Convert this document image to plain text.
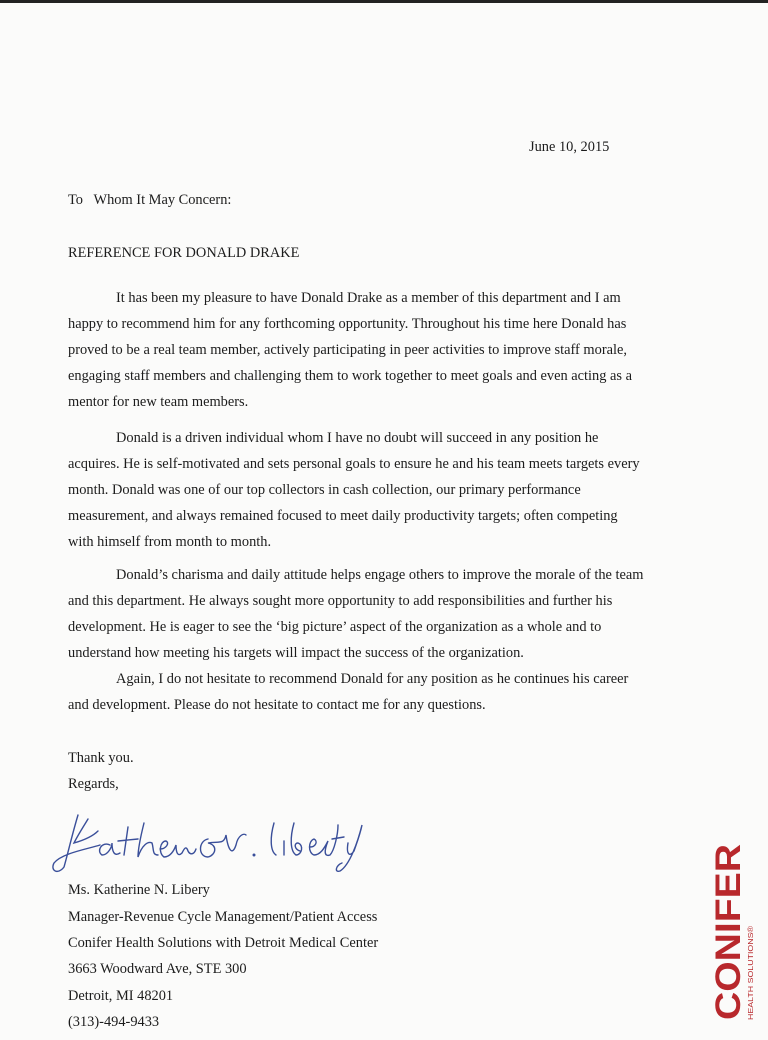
June 10, 2015
To   Whom It May Concern:
REFERENCE FOR DONALD DRAKE
It has been my pleasure to have Donald Drake as a member of this department and I am
happy to recommend him for any forthcoming opportunity. Throughout his time here Donald has
proved to be a real team member, actively participating in peer activities to improve staff morale,
engaging staff members and challenging them to work together to meet goals and even acting as a
mentor for new team members.
Donald is a driven individual whom I have no doubt will succeed in any position he
acquires. He is self-motivated and sets personal goals to ensure he and his team meets targets every
month. Donald was one of our top collectors in cash collection, our primary performance
measurement, and always remained focused to meet daily productivity targets; often competing
with himself from month to month.
Donald’s charisma and daily attitude helps engage others to improve the morale of the team
and this department. He always sought more opportunity to add responsibilities and further his
development. He is eager to see the ‘big picture’ aspect of the organization as a whole and to
understand how meeting his targets will impact the success of the organization.
Again, I do not hesitate to recommend Donald for any position as he continues his career
and development. Please do not hesitate to contact me for any questions.
Thank you.
Regards,
Ms. Katherine N. Libery
Manager-Revenue Cycle Management/Patient Access
Conifer Health Solutions with Detroit Medical Center
3663 Woodward Ave, STE 300
Detroit, MI 48201
(313)-494-9433
CONIFER
HEALTH SOLUTIONS®
